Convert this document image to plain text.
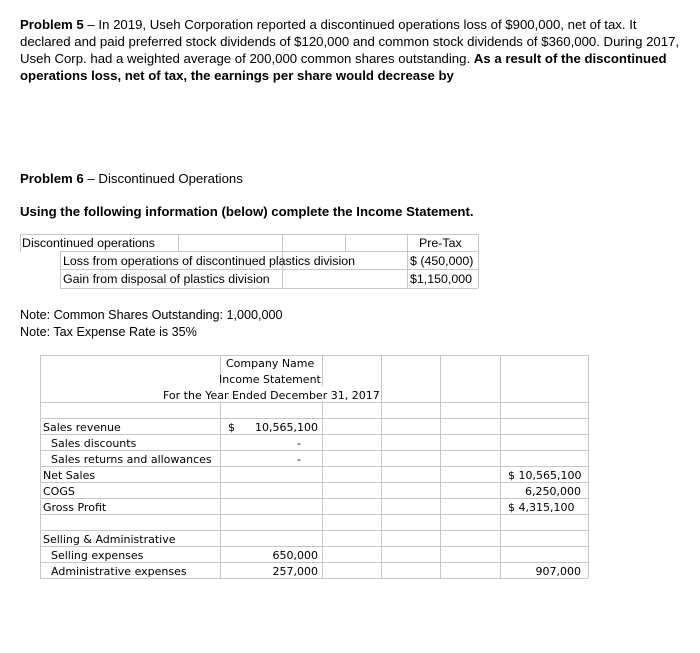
Problem 5 – In 2019, Useh Corporation reported a discontinued operations loss of $900,000, net of tax. It declared and paid preferred stock dividends of $120,000 and common stock dividends of $360,000. During 2017, Useh Corp. had a weighted average of 200,000 common shares outstanding. As a result of the discontinued operations loss, net of tax, the earnings per share would decrease by
Problem 6 – Discontinued Operations
Using the following information (below) complete the Income Statement.
Discontinued operations	Pre-Tax
Loss from operations of discontinued plastics division	$ (450,000)
Gain from disposal of plastics division	$1,150,000
Note: Common Shares Outstanding: 1,000,000
Note: Tax Expense Rate is 35%
Company Name
Income Statement
For the Year Ended December 31, 2017
Sales revenue	$	10,565,100
Sales discounts	-
Sales returns and allowances	-
Net Sales	$ 10,565,100
COGS	6,250,000
Gross Profit	$ 4,315,100
Selling & Administrative
Selling expenses	650,000
Administrative expenses	257,000	907,000
